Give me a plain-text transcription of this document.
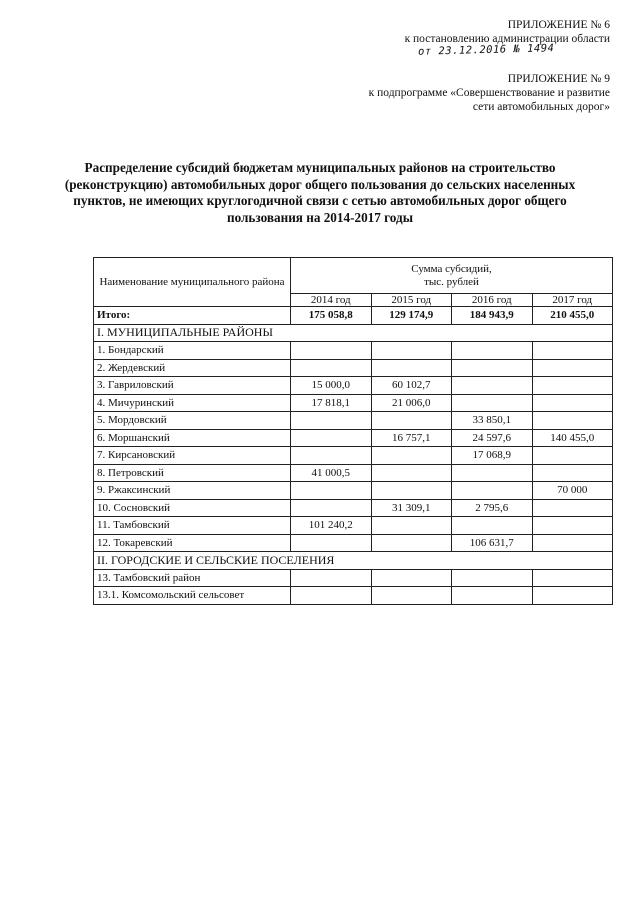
ПРИЛОЖЕНИЕ № 6
к постановлению администрации области
от 23.12.2016 № 1494
ПРИЛОЖЕНИЕ № 9
к подпрограмме «Совершенствование и развитие
сети автомобильных дорог»
Распределение субсидий бюджетам муниципальных районов на строительство (реконструкцию) автомобильных дорог общего пользования до сельских населенных пунктов, не имеющих круглогодичной связи с сетью автомобильных дорог общего пользования на 2014-2017 годы
Наименование муниципального района	Сумма субсидий,
тыс. рублей			

	2014 год	2015 год	2016 год	2017 год
Итого:	175 058,8	129 174,9	184 943,9	210 455,0
I. МУНИЦИПАЛЬНЫЕ РАЙОНЫ				
1. Бондарский				
2. Жердевский				
3. Гавриловский	15 000,0	60 102,7		
4. Мичуринский	17 818,1	21 006,0		
5. Мордовский			33 850,1	
6. Моршанский		16 757,1	24 597,6	140 455,0
7. Кирсановский			17 068,9	
8. Петровский	41 000,5			
9. Ржаксинский				70 000
10. Сосновский		31 309,1	2 795,6	
11. Тамбовский	101 240,2			
12. Токаревский			106 631,7	
II. ГОРОДСКИЕ И СЕЛЬСКИЕ ПОСЕЛЕНИЯ				
13. Тамбовский район				
13.1. Комсомольский сельсовет				
